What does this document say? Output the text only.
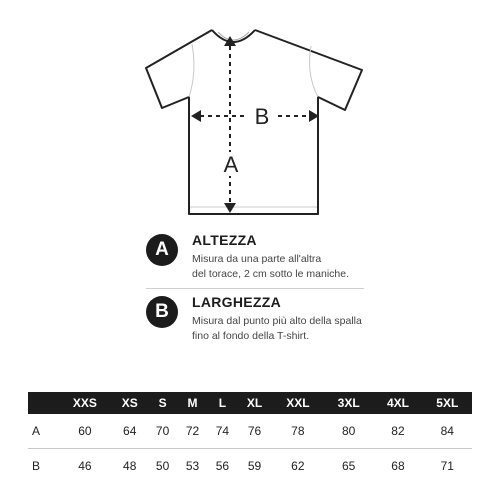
A
B
A	ALTEZZA
Misura da una parte all'altra
del torace, 2 cm sotto le maniche.
B	LARGHEZZA
Misura dal punto più alto della spalla
fino al fondo della T-shirt.
	XXS	XS	S	M	L	XL	XXL	3XL	4XL	5XL
A	60	64	70	72	74	76	78	80	82	84
B	46	48	50	53	56	59	62	65	68	71
